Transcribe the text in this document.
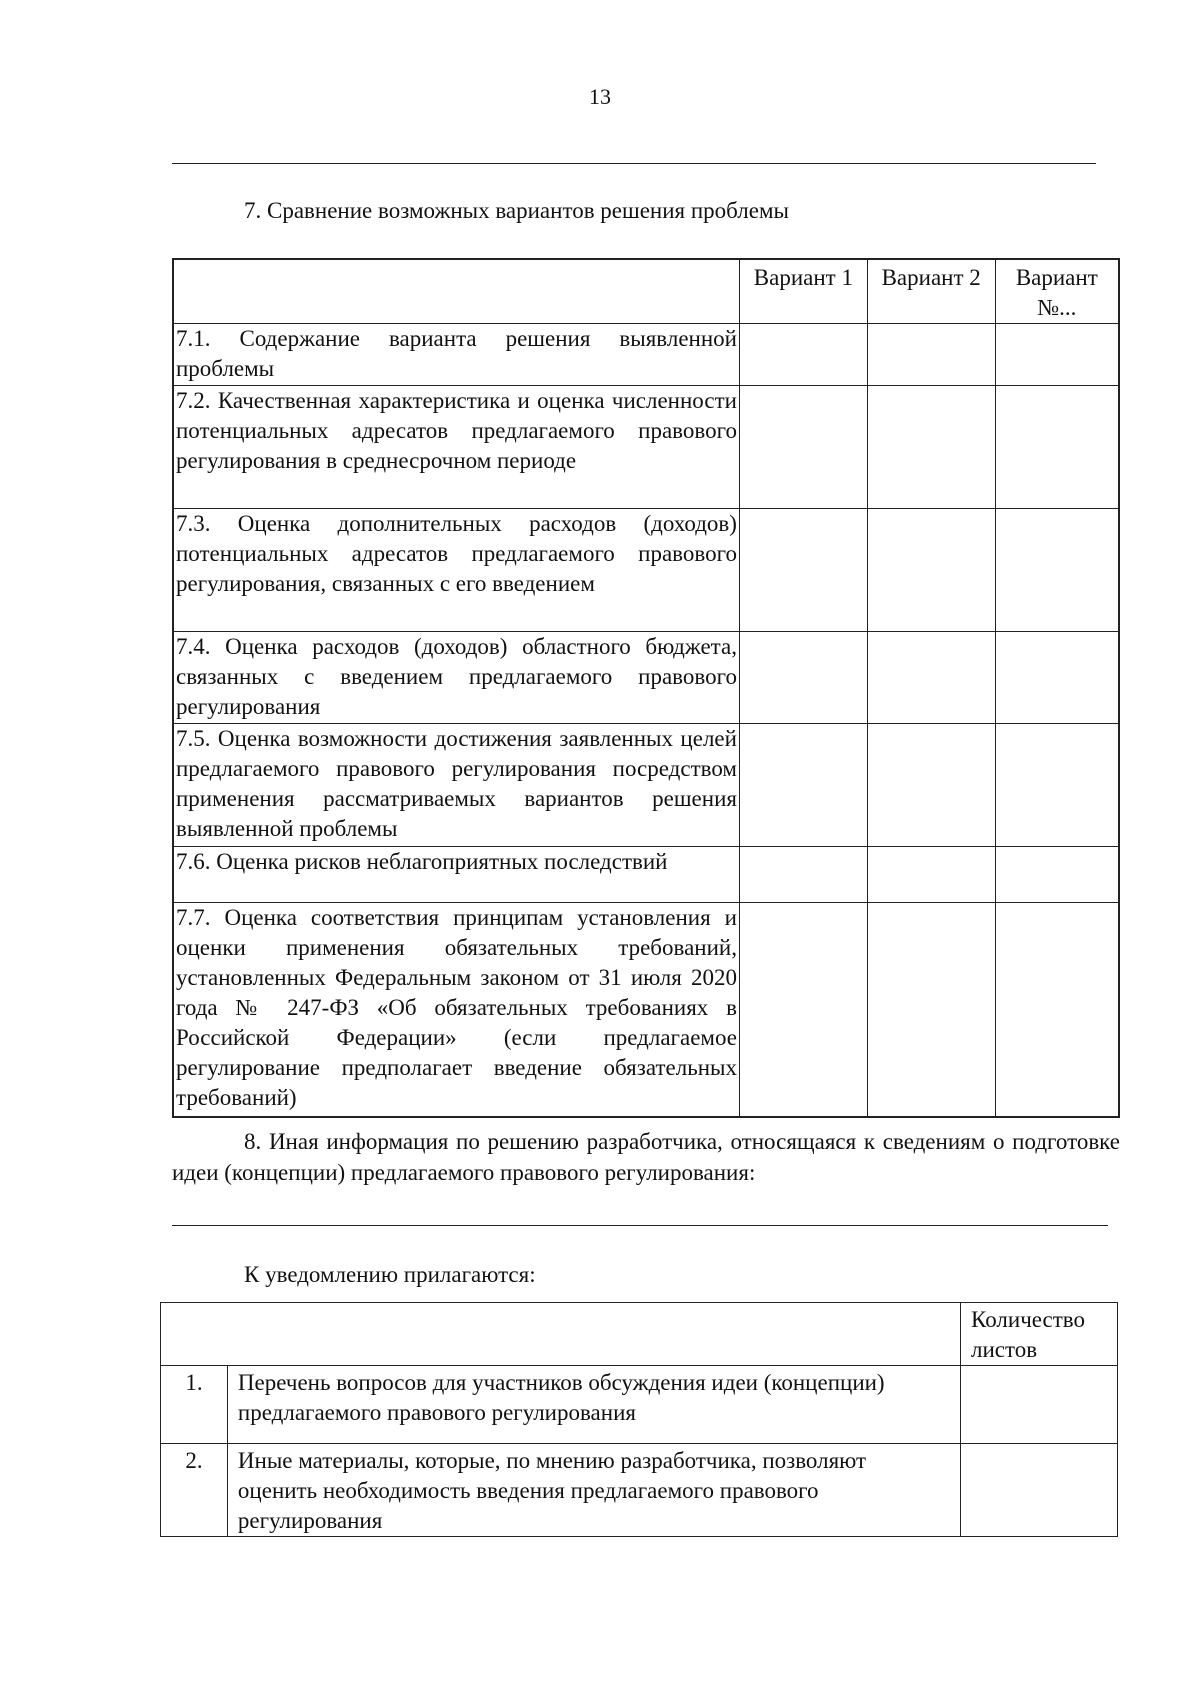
13
7. Сравнение возможных вариантов решения проблемы
	Вариант 1	Вариант 2	Вариант №...
7.1. Содержание варианта решения выявленной проблемы			
7.2. Качественная характеристика и оценка численности потенциальных адресатов предлагаемого правового регулирования в среднесрочном периоде			
7.3. Оценка дополнительных расходов (доходов) потенциальных адресатов предлагаемого правового регулирования, связанных с его введением			
7.4. Оценка расходов (доходов) областного бюджета, связанных с введением предлагаемого правового регулирования			
7.5. Оценка возможности достижения заявленных целей предлагаемого правового регулирования посредством применения рассматриваемых вариантов решения выявленной проблемы			
7.6. Оценка рисков неблагоприятных последствий			
7.7. Оценка соответствия принципам установления и оценки применения обязательных требований, установленных Федеральным законом от 31 июля 2020 года № 247-ФЗ «Об обязательных требованиях в Российской Федерации» (если предлагаемое регулирование предполагает введение обязательных требований)			

8. Иная информация по решению разработчика, относящаяся к сведениям о подготовке идеи (концепции) предлагаемого правового регулирования:

К уведомлению прилагаются:
		Количество листов
1.	Перечень вопросов для участников обсуждения идеи (концепции) предлагаемого правового регулирования	
2.	Иные материалы, которые, по мнению разработчика, позволяют оценить необходимость введения предлагаемого правового регулирования	
